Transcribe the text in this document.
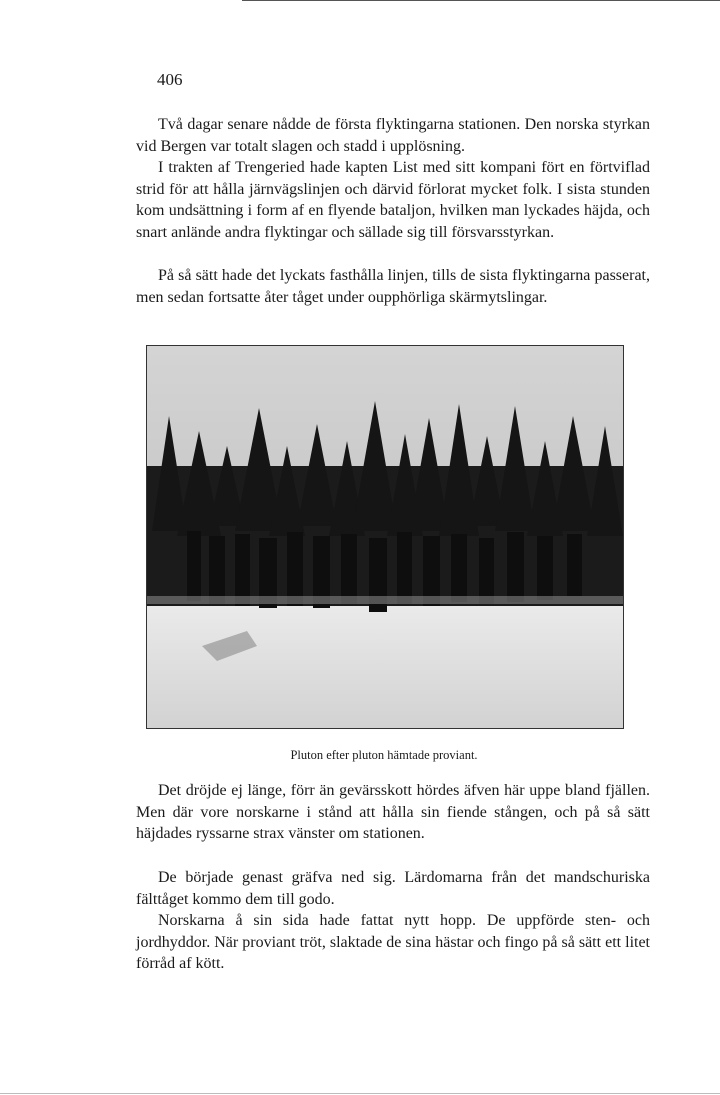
406

Två dagar senare nådde de första flyktingarna stationen. Den norska styrkan vid Bergen var totalt slagen och stadd i upplösning.

I trakten af Trengeried hade kapten List med sitt kompani fört en förtviflad strid för att hålla järnvägslinjen och därvid förlorat mycket folk. I sista stunden kom undsättning i form af en flyende bataljon, hvilken man lyckades häjda, och snart anlände andra flyktingar och sällade sig till försvarsstyrkan.

På så sätt hade det lyckats fasthålla linjen, tills de sista flyktingarna passerat, men sedan fortsatte åter tåget under oupphörliga skärmytslingar.

Pluton efter pluton hämtade proviant.

Det dröjde ej länge, förr än gevärsskott hördes äfven här uppe bland fjällen. Men där vore norskarne i stånd att hålla sin fiende stången, och på så sätt häjdades ryssarne strax vänster om stationen.

De började genast gräfva ned sig. Lärdomarna från det mandschuriska fälttåget kommo dem till godo.

Norskarna å sin sida hade fattat nytt hopp. De uppförde sten- och jordhyddor. När proviant tröt, slaktade de sina hästar och fingo på så sätt ett litet förråd af kött.
